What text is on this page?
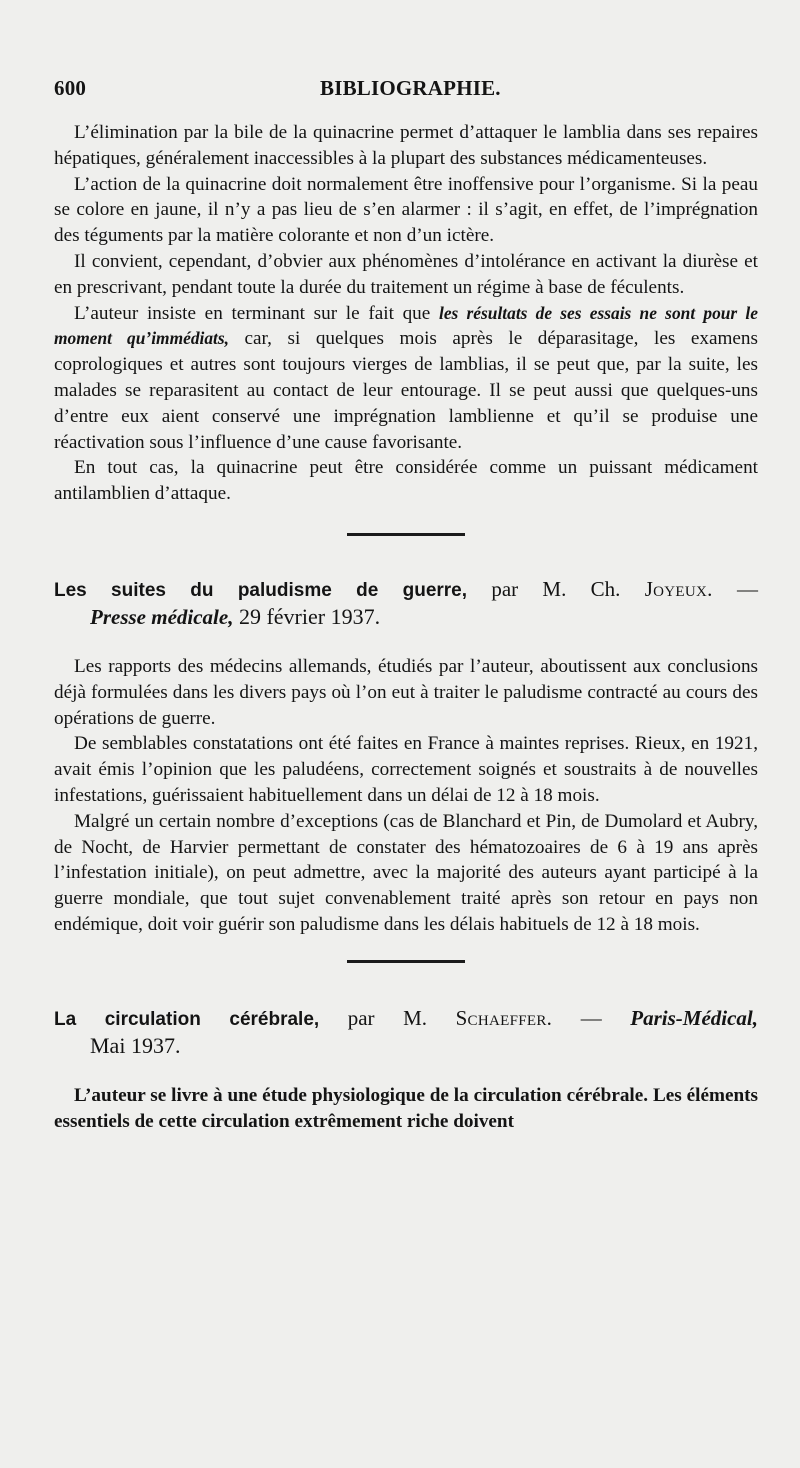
600	BIBLIOGRAPHIE.

L’élimination par la bile de la quinacrine permet d’attaquer le lamblia dans ses repaires hépatiques, généralement inaccessibles à la plupart des substances médicamenteuses.

L’action de la quinacrine doit normalement être inoffensive pour l’organisme. Si la peau se colore en jaune, il n’y a pas lieu de s’en alarmer : il s’agit, en effet, de l’imprégnation des téguments par la matière colorante et non d’un ictère.

Il convient, cependant, d’obvier aux phénomènes d’intolérance en activant la diurèse et en prescrivant, pendant toute la durée du traitement un régime à base de féculents.

L’auteur insiste en terminant sur le fait que les résultats de ses essais ne sont pour le moment qu’immédiats, car, si quelques mois après le déparasitage, les examens coprologiques et autres sont toujours vierges de lamblias, il se peut que, par la suite, les malades se reparasitent au contact de leur entourage. Il se peut aussi que quelques-uns d’entre eux aient conservé une imprégnation lamblienne et qu’il se produise une réactivation sous l’influence d’une cause favorisante.

En tout cas, la quinacrine peut être considérée comme un puissant médicament antilamblien d’attaque.

Les suites du paludisme de guerre, par M. Ch. Joyeux. —
Presse médicale, 29 février 1937.

Les rapports des médecins allemands, étudiés par l’auteur, aboutissent aux conclusions déjà formulées dans les divers pays où l’on eut à traiter le paludisme contracté au cours des opérations de guerre.

De semblables constatations ont été faites en France à maintes reprises. Rieux, en 1921, avait émis l’opinion que les paludéens, correctement soignés et soustraits à de nouvelles infestations, guérissaient habituellement dans un délai de 12 à 18 mois.

Malgré un certain nombre d’exceptions (cas de Blanchard et Pin, de Dumolard et Aubry, de Nocht, de Harvier permettant de constater des hématozoaires de 6 à 19 ans après l’infestation initiale), on peut admettre, avec la majorité des auteurs ayant participé à la guerre mondiale, que tout sujet convenablement traité après son retour en pays non endémique, doit voir guérir son paludisme dans les délais habituels de 12 à 18 mois.

La circulation cérébrale, par M. Schaeffer. — Paris-Médical,
Mai 1937.

L’auteur se livre à une étude physiologique de la circulation cérébrale. Les éléments essentiels de cette circulation extrêmement riche doivent
